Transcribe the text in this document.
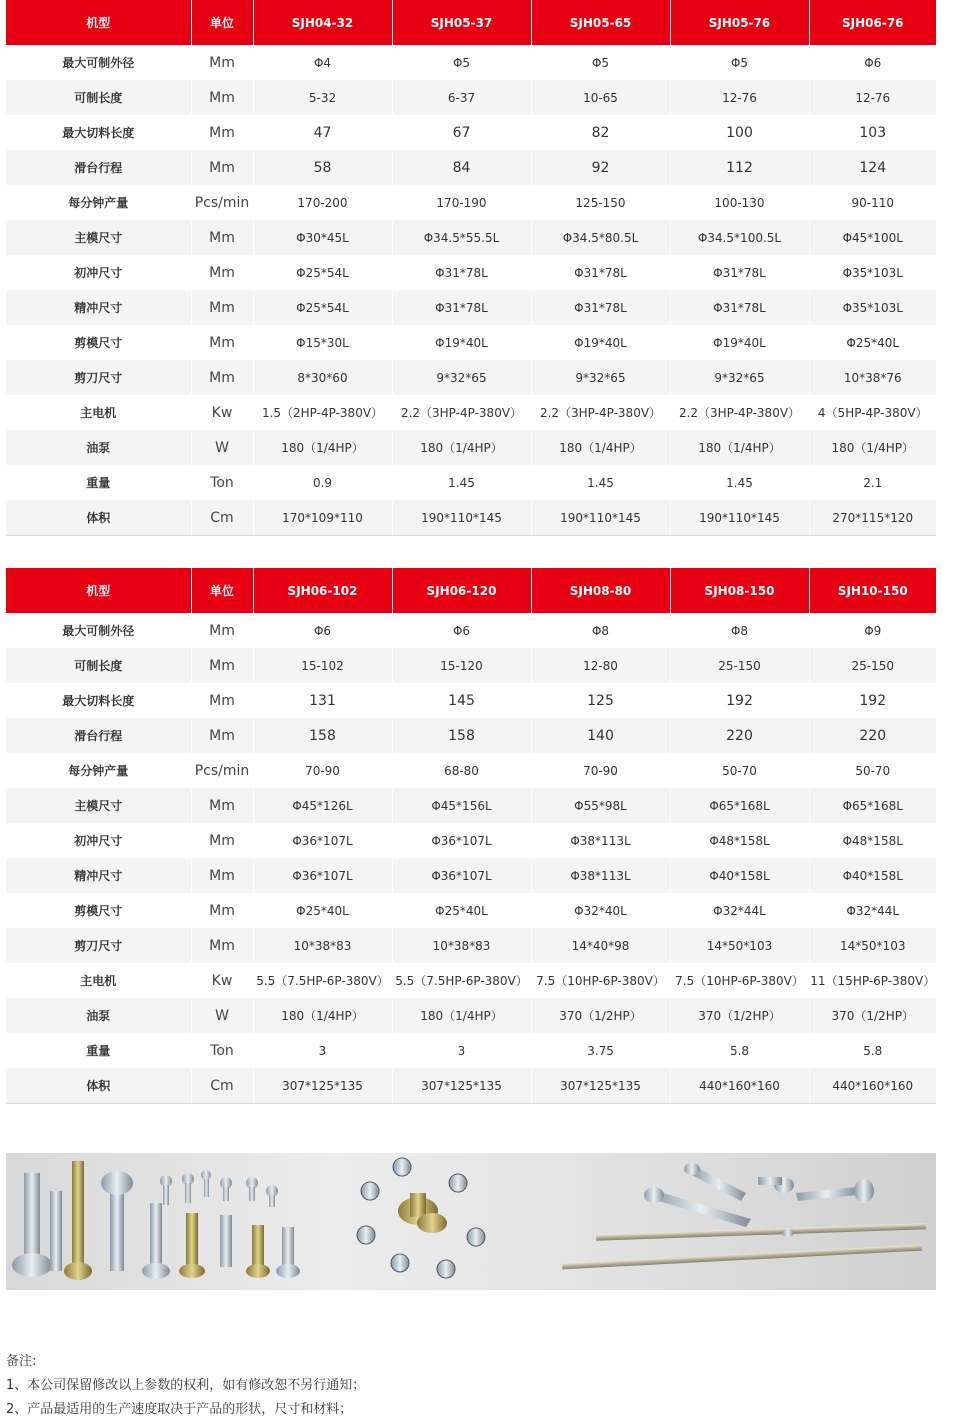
机型	单位	SJH04-32	SJH05-37	SJH05-65	SJH05-76	SJH06-76
最大可制外径	Mm	Φ4	Φ5	Φ5	Φ5	Φ6
可制长度	Mm	5-32	6-37	10-65	12-76	12-76
最大切料长度	Mm	47	67	82	100	103
滑台行程	Mm	58	84	92	112	124
每分钟产量	Pcs/min	170-200	170-190	125-150	100-130	90-110
主模尺寸	Mm	Φ30*45L	Φ34.5*55.5L	Φ34.5*80.5L	Φ34.5*100.5L	Φ45*100L
初冲尺寸	Mm	Φ25*54L	Φ31*78L	Φ31*78L	Φ31*78L	Φ35*103L
精冲尺寸	Mm	Φ25*54L	Φ31*78L	Φ31*78L	Φ31*78L	Φ35*103L
剪模尺寸	Mm	Φ15*30L	Φ19*40L	Φ19*40L	Φ19*40L	Φ25*40L
剪刀尺寸	Mm	8*30*60	9*32*65	9*32*65	9*32*65	10*38*76
主电机	Kw	1.5（2HP-4P-380V）	2.2（3HP-4P-380V）	2.2（3HP-4P-380V）	2.2（3HP-4P-380V）	4（5HP-4P-380V）
油泵	W	180（1/4HP）	180（1/4HP）	180（1/4HP）	180（1/4HP）	180（1/4HP）
重量	Ton	0.9	1.45	1.45	1.45	2.1
体积	Cm	170*109*110	190*110*145	190*110*145	190*110*145	270*115*120
机型	单位	SJH06-102	SJH06-120	SJH08-80	SJH08-150	SJH10-150
最大可制外径	Mm	Φ6	Φ6	Φ8	Φ8	Φ9
可制长度	Mm	15-102	15-120	12-80	25-150	25-150
最大切料长度	Mm	131	145	125	192	192
滑台行程	Mm	158	158	140	220	220
每分钟产量	Pcs/min	70-90	68-80	70-90	50-70	50-70
主模尺寸	Mm	Φ45*126L	Φ45*156L	Φ55*98L	Φ65*168L	Φ65*168L
初冲尺寸	Mm	Φ36*107L	Φ36*107L	Φ38*113L	Φ48*158L	Φ48*158L
精冲尺寸	Mm	Φ36*107L	Φ36*107L	Φ38*113L	Φ40*158L	Φ40*158L
剪模尺寸	Mm	Φ25*40L	Φ25*40L	Φ32*40L	Φ32*44L	Φ32*44L
剪刀尺寸	Mm	10*38*83	10*38*83	14*40*98	14*50*103	14*50*103
主电机	Kw	5.5（7.5HP-6P-380V）	5.5（7.5HP-6P-380V）	7.5（10HP-6P-380V）	7.5（10HP-6P-380V）	11（15HP-6P-380V）
油泵	W	180（1/4HP）	180（1/4HP）	370（1/2HP）	370（1/2HP）	370（1/2HP）
重量	Ton	3	3	3.75	5.8	5.8
体积	Cm	307*125*135	307*125*135	307*125*135	440*160*160	440*160*160
备注:
1、本公司保留修改以上参数的权利，如有修改恕不另行通知；
2、产品最适用的生产速度取决于产品的形状，尺寸和材料；
